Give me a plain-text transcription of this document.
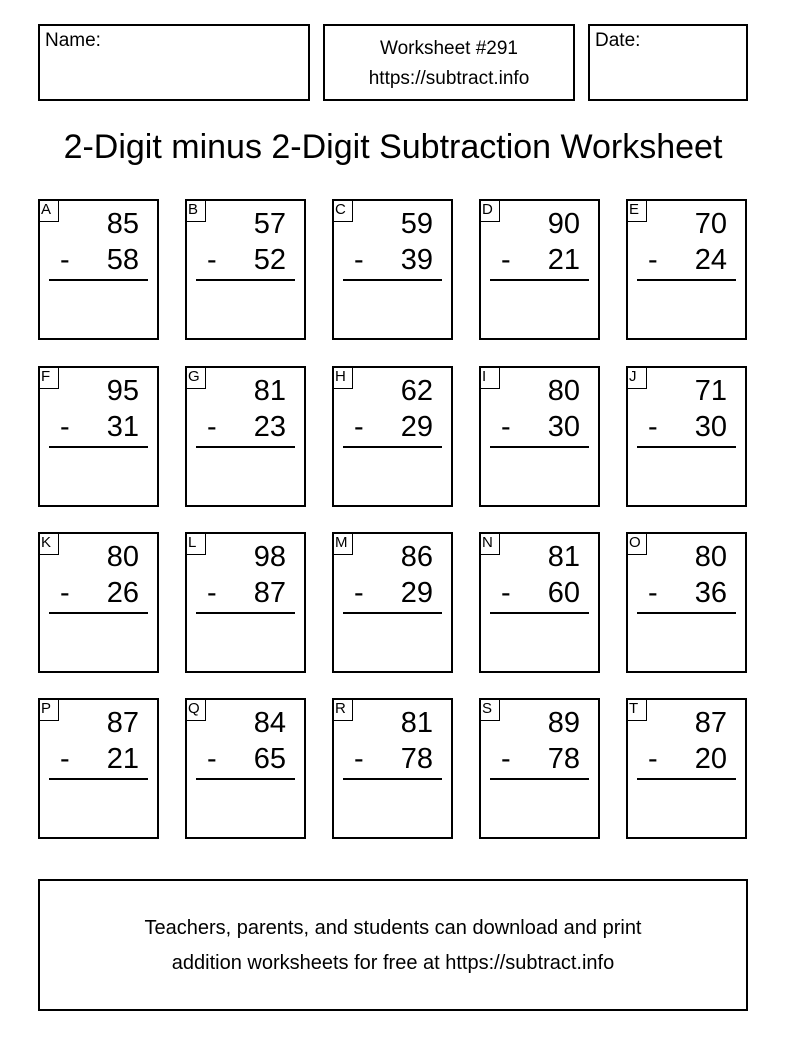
Name:	Worksheet #291
https://subtract.info
Date:
2-Digit minus 2-Digit Subtraction Worksheet
A 85
- 58
B 57
- 52
C 59
- 39
D 90
- 21
E 70
- 24
F	95
- 31
G 81
- 23
H 62
- 29
I	80
- 30
J	71
- 30
K 80
- 26
L	98
- 87
M 86
- 29
N 81
- 60
O 80
- 36
P 87
- 21
Q 84
- 65
R 81
- 78
S 89
- 78
T	87
- 20
Teachers, parents, and students can download and print
addition worksheets for free at https://subtract.info
